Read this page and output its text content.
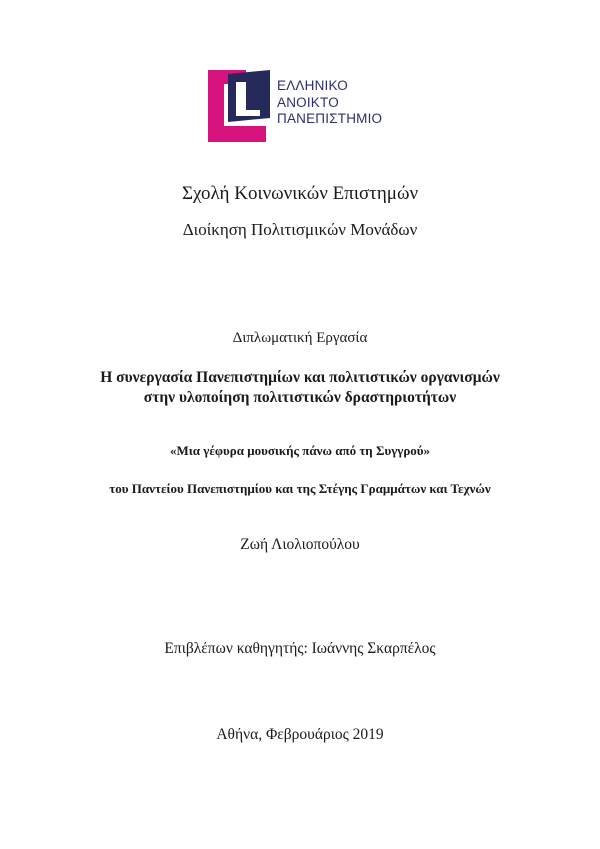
ΕΛΛΗΝΙΚΟ
ΑΝΟΙΚΤΟ
ΠΑΝΕΠΙΣΤΗΜΙΟ
Σχολή Κοινωνικών Επιστημών
Διοίκηση Πολιτισμικών Μονάδων
Διπλωματική Εργασία
Η συνεργασία Πανεπιστημίων και πολιτιστικών οργανισμών
στην υλοποίηση πολιτιστικών δραστηριοτήτων
«Μια γέφυρα μουσικής πάνω από τη Συγγρού»
του Παντείου Πανεπιστημίου και της Στέγης Γραμμάτων και Τεχνών
Ζωή Λιολιοπούλου
Επιβλέπων καθηγητής: Ιωάννης Σκαρπέλος
Αθήνα, Φεβρουάριος 2019
